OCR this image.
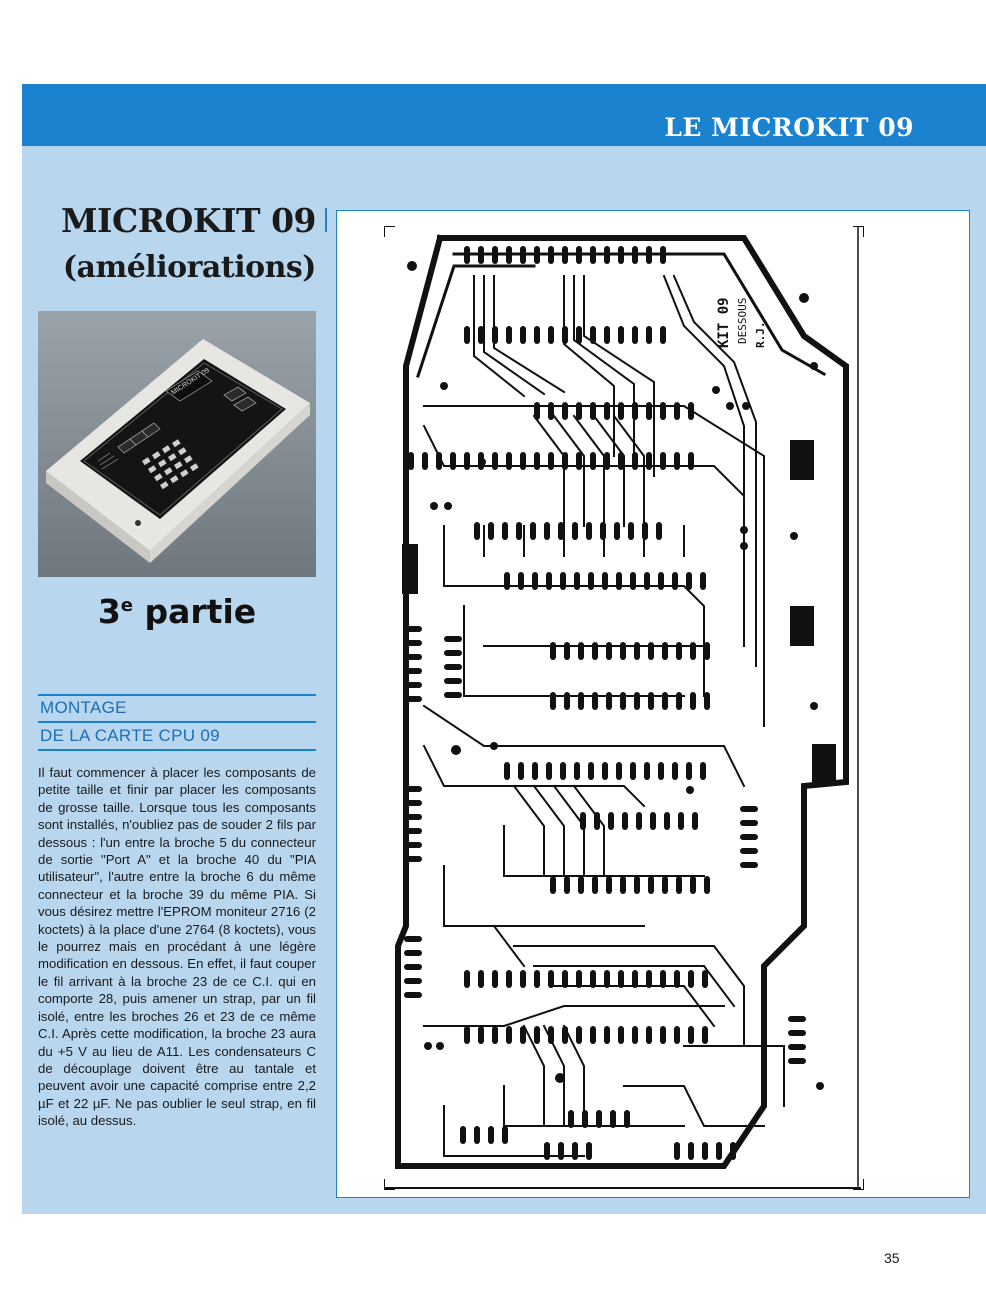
LE MICROKIT 09
MICROKIT 09
(améliorations)
MICROKIT 09
3e partie
MONTAGE
DE LA CARTE CPU 09
Il faut commencer à placer les composants de petite taille et finir par placer les composants de grosse taille. Lorsque tous les composants sont installés, n'oubliez pas de souder 2 fils par dessous : l'un entre la broche 5 du connecteur de sortie "Port A" et la broche 40 du "PIA utilisateur", l'autre entre la broche 6 du même connecteur et la broche 39 du même PIA. Si vous désirez mettre l'EPROM moniteur 2716 (2 koctets) à la place d'une 2764 (8 koctets), vous le pourrez mais en procédant à une légère modification en dessous. En effet, il faut couper le fil arrivant à la broche 23 de ce C.I. qui en comporte 28, puis amener un strap, par un fil isolé, entre les broches 26 et 23 de ce même C.I. Après cette modification, la broche 23 aura du +5 V au lieu de A11. Les condensateurs C de découplage doivent être au tantale et peuvent avoir une capacité comprise entre 2,2 µF et 22 µF. Ne pas oublier le seul strap, en fil isolé, au dessus.
KIT 09 DESSOUS R.J.
35
